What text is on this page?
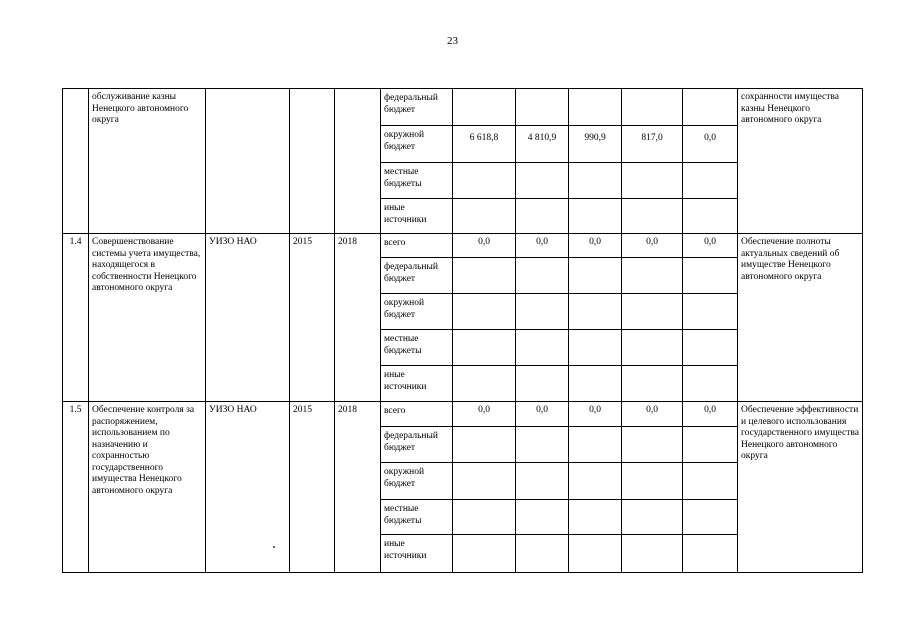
23
	обслуживание казны Ненецкого автономного округа				федеральный бюджет						сохранности имущества казны Ненецкого автономного округа
					окружной бюджет	6 618,8	4 810,9	990,9	817,0	0,0	
					местные бюджеты						
					иные источники						
1.4	Совершенствование системы учета имущества, находящегося в собственности Ненецкого автономного округа	УИЗО НАО	2015	2018	всего	0,0	0,0	0,0	0,0	0,0	Обеспечение полноты актуальных сведений об имуществе Ненецкого автономного округа
					федеральный бюджет						
					окружной бюджет						
					местные бюджеты						
					иные источники						
1.5	Обеспечение контроля за распоряжением, использованием по назначению и сохранностью государственного имущества Ненецкого автономного округа	УИЗО НАО	2015	2018	всего	0,0	0,0	0,0	0,0	0,0	Обеспечение эффективности и целевого использования государственного имущества Ненецкого автономного округа
					федеральный бюджет						
					окружной бюджет						
					местные бюджеты						
					иные источники						
